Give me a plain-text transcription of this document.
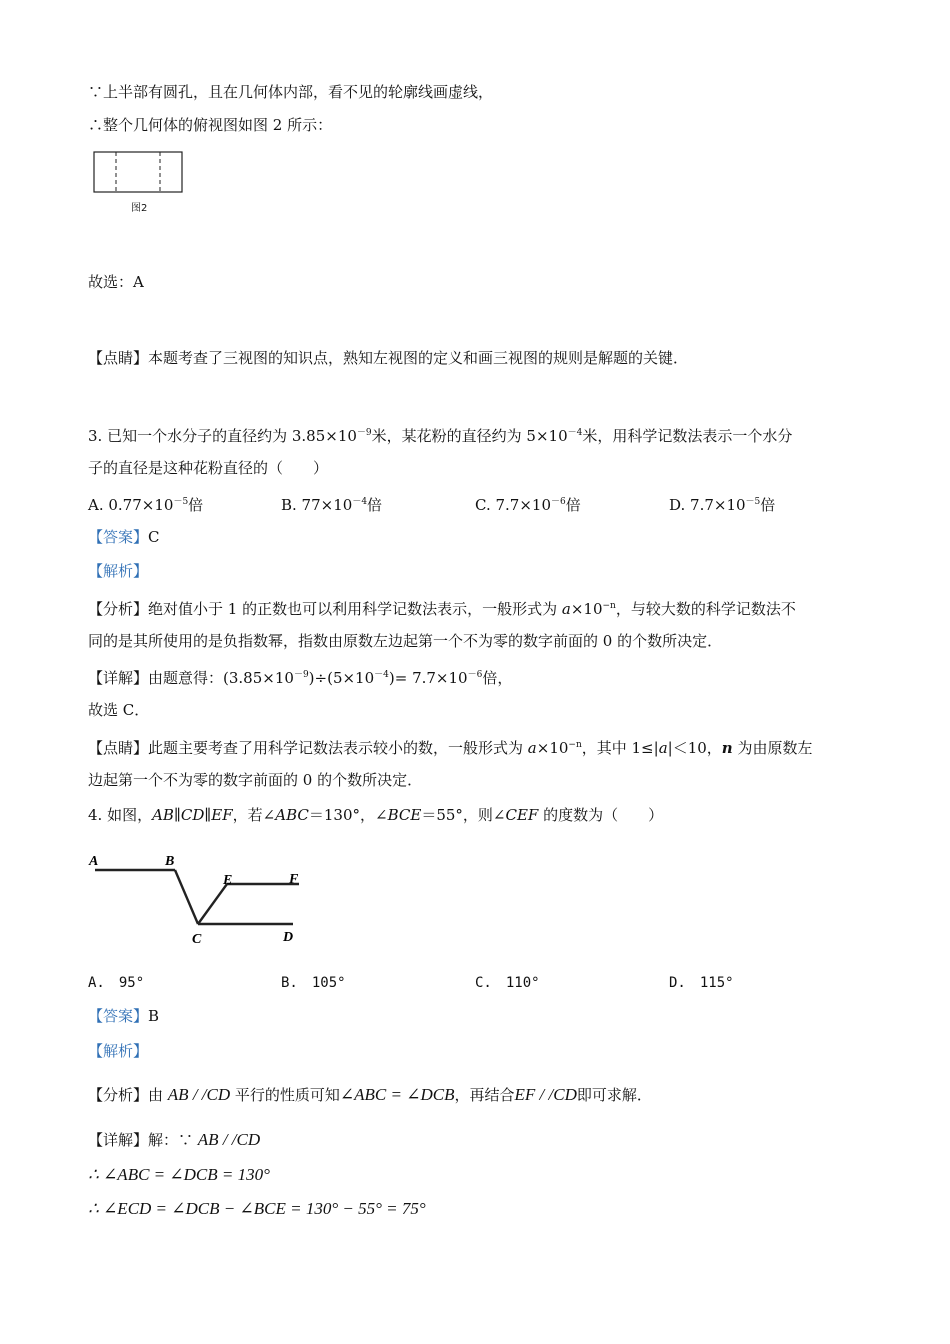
∵上半部有圆孔，且在几何体内部，看不见的轮廓线画虚线，
∴整个几何体的俯视图如图 2 所示：
图2
故选：A
【点睛】本题考查了三视图的知识点，熟知左视图的定义和画三视图的规则是解题的关键．
3. 已知一个水分子的直径约为 $3.85\times 10^{-9}$米，某花粉的直径约为 $5\times 10^{-4}$米，用科学记数法表示一个水分
子的直径是这种花粉直径的（　　）
A. $0.77\times 10^{-5}$倍	B. $77\times 10^{-4}$倍	C. $7.7\times 10^{-6}$倍	D. $7.7\times 10^{-5}$倍
【答案】C
【解析】
【分析】绝对值小于 1 的正数也可以利用科学记数法表示，一般形式为 $a\times 10^{-n}$，与较大数的科学记数法不
同的是其所使用的是负指数幂，指数由原数左边起第一个不为零的数字前面的 0 的个数所决定．
【详解】由题意得：$(3.85\times 10^{-9})\div(5\times 10^{-4})= 7.7\times 10^{-6}$倍，
故选 C．
【点睛】此题主要考查了用科学记数法表示较小的数，一般形式为 $a\times 10^{-n}$，其中 1≤|a|＜10，n 为由原数左
边起第一个不为零的数字前面的 0 的个数所决定．
4. 如图，AB∥CD∥EF，若∠ABC＝130°，∠BCE＝55°，则∠CEF 的度数为（　　）
A	B
E	F
C	D
A.　95°	B.　105°	C.　110°	D.　115°
【答案】B
【解析】
【分析】由 AB / /CD 平行的性质可知∠ABC = ∠DCB，再结合EF / /CD即可求解．
【详解】解：∵ AB / /CD
∴ ∠ABC = ∠DCB = 130°
∴ ∠ECD = ∠DCB − ∠BCE = 130° − 55° = 75°
